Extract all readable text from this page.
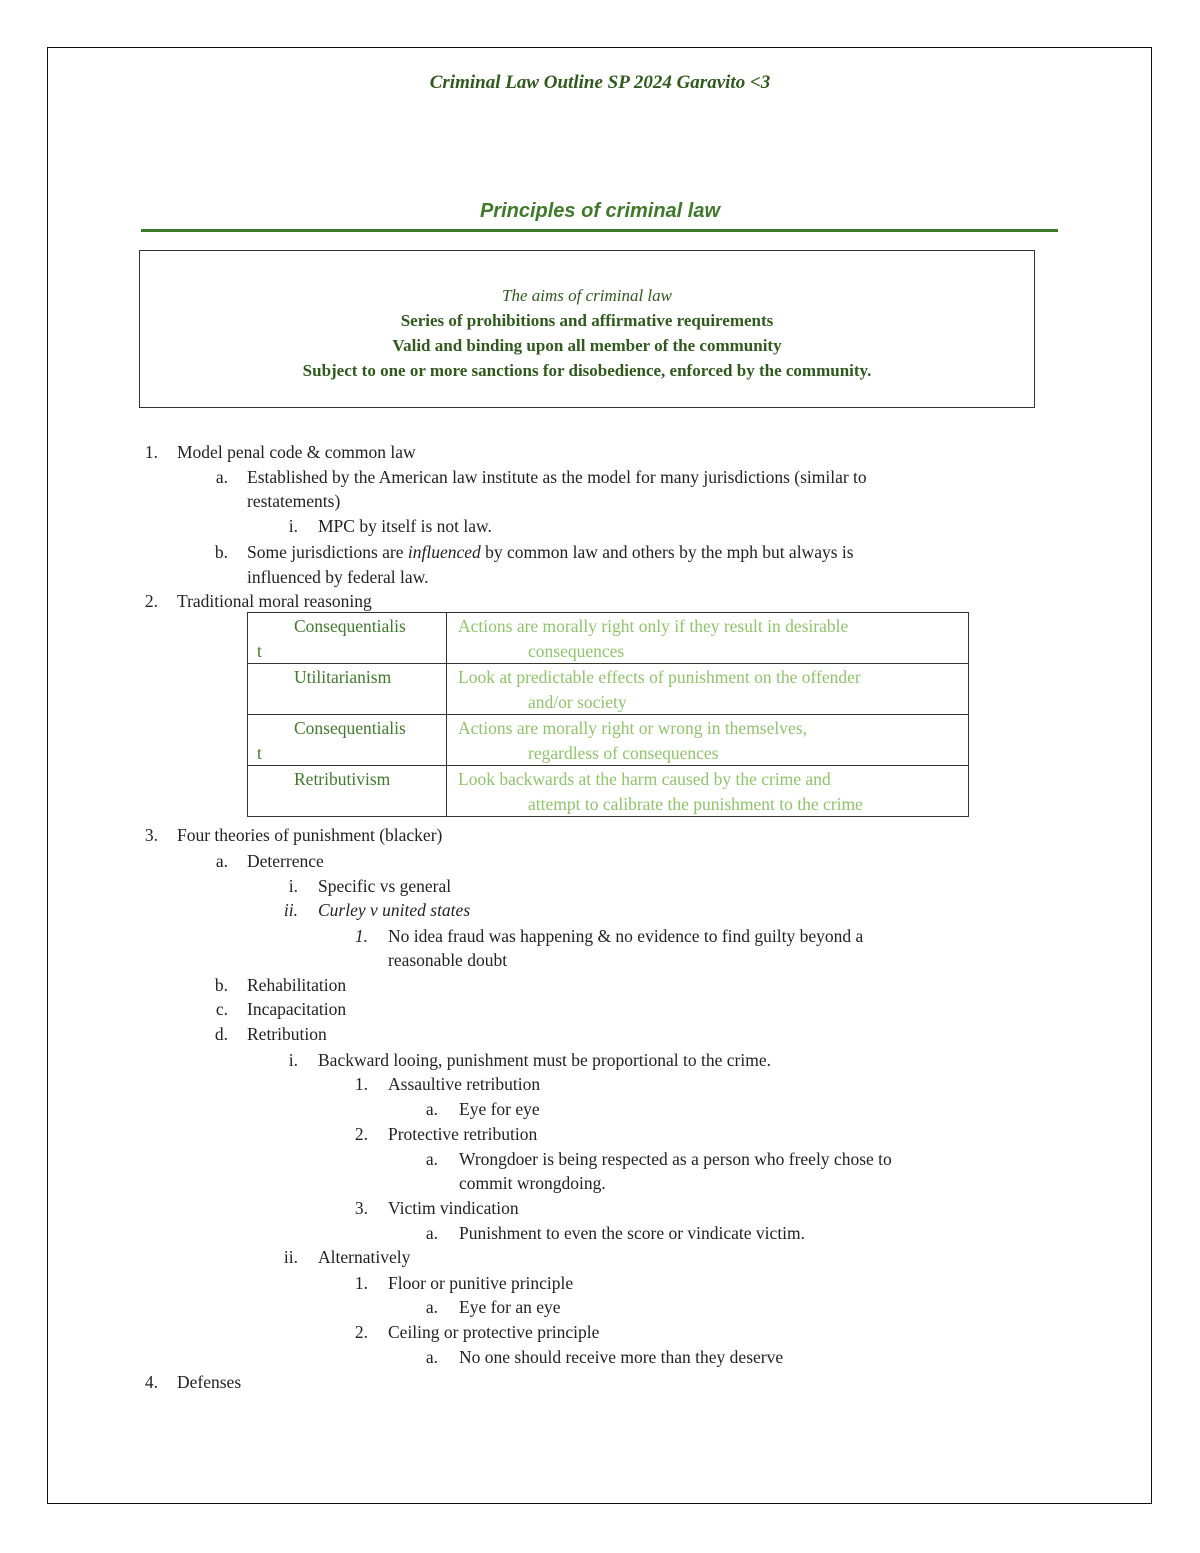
Criminal Law Outline SP 2024 Garavito <3
Principles of criminal law
The aims of criminal law
Series of prohibitions and affirmative requirements
Valid and binding upon all member of the community
Subject to one or more sanctions for disobedience, enforced by the community.
1. Model penal code & common law
a. Established by the American law institute as the model for many jurisdictions (similar to
restatements)
i. MPC by itself is not law.
b. Some jurisdictions are influenced by common law and others by the mph but always is
influenced by federal law.
2. Traditional moral reasoning
Consequentialis
t	Actions are morally right only if they result in desirable
consequences

Utilitarianism	Look at predictable effects of punishment on the offender
and/or society

Consequentialis
t	Actions are morally right or wrong in themselves,
regardless of consequences

Retributivism	Look backwards at the harm caused by the crime and
attempt to calibrate the punishment to the crime
3. Four theories of punishment (blacker)
a. Deterrence
i. Specific vs general
ii. Curley v united states
1. No idea fraud was happening & no evidence to find guilty beyond a
reasonable doubt
b. Rehabilitation
c. Incapacitation
d. Retribution
i. Backward looing, punishment must be proportional to the crime.
1. Assaultive retribution
a. Eye for eye
2. Protective retribution
a. Wrongdoer is being respected as a person who freely chose to
commit wrongdoing.
3. Victim vindication
a. Punishment to even the score or vindicate victim.
ii. Alternatively
1. Floor or punitive principle
a. Eye for an eye
2. Ceiling or protective principle
a. No one should receive more than they deserve
4. Defenses
